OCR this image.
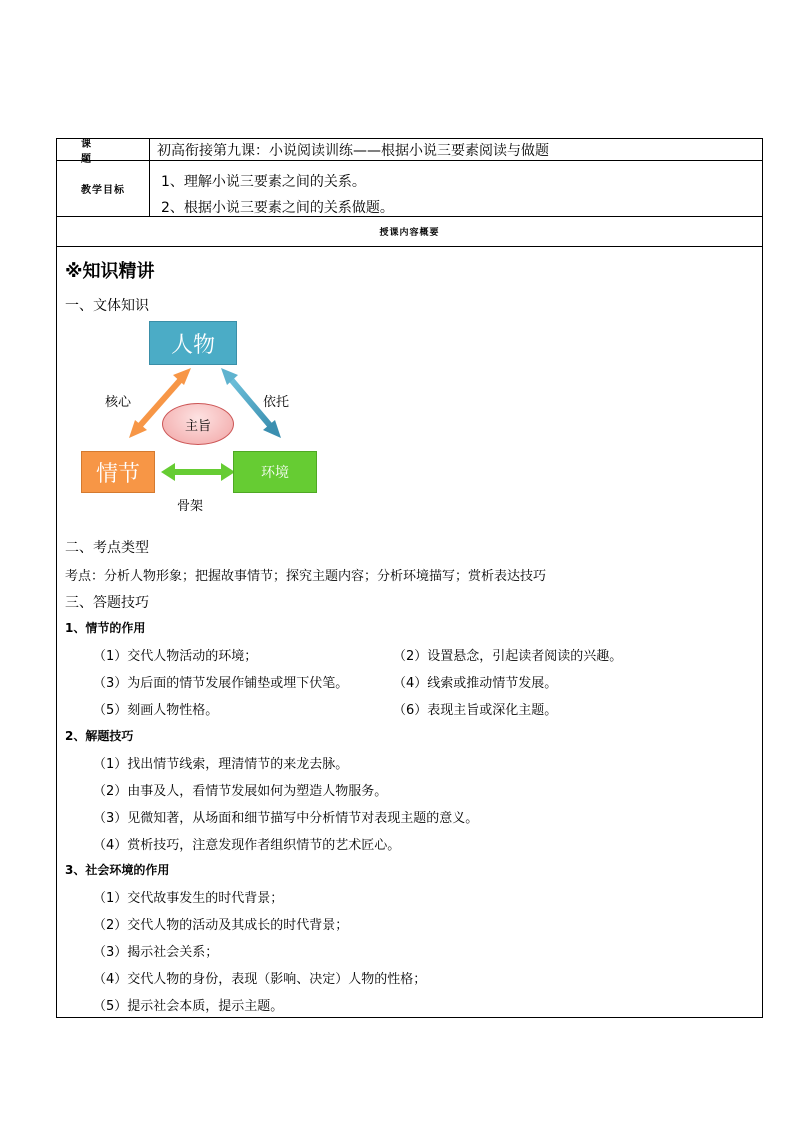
课 题
初高衔接第九课：小说阅读训练——根据小说三要素阅读与做题
教学目标
1、理解小说三要素之间的关系。
2、根据小说三要素之间的关系做题。
授课内容概要
※知识精讲
一、文体知识
人物
情节	环境
主旨
核心	依托
骨架
二、考点类型
考点：分析人物形象；把握故事情节；探究主题内容；分析环境描写；赏析表达技巧
三、答题技巧
1、情节的作用
（1）交代人物活动的环境；	（2）设置悬念，引起读者阅读的兴趣。
（3）为后面的情节发展作铺垫或埋下伏笔。	（4）线索或推动情节发展。
（5）刻画人物性格。	（6）表现主旨或深化主题。
2、解题技巧
（1）找出情节线索，理清情节的来龙去脉。
（2）由事及人，看情节发展如何为塑造人物服务。
（3）见微知著，从场面和细节描写中分析情节对表现主题的意义。
（4）赏析技巧，注意发现作者组织情节的艺术匠心。
3、社会环境的作用
（1）交代故事发生的时代背景；
（2）交代人物的活动及其成长的时代背景；
（3）揭示社会关系；
（4）交代人物的身份，表现（影响、决定）人物的性格；
（5）提示社会本质，提示主题。
